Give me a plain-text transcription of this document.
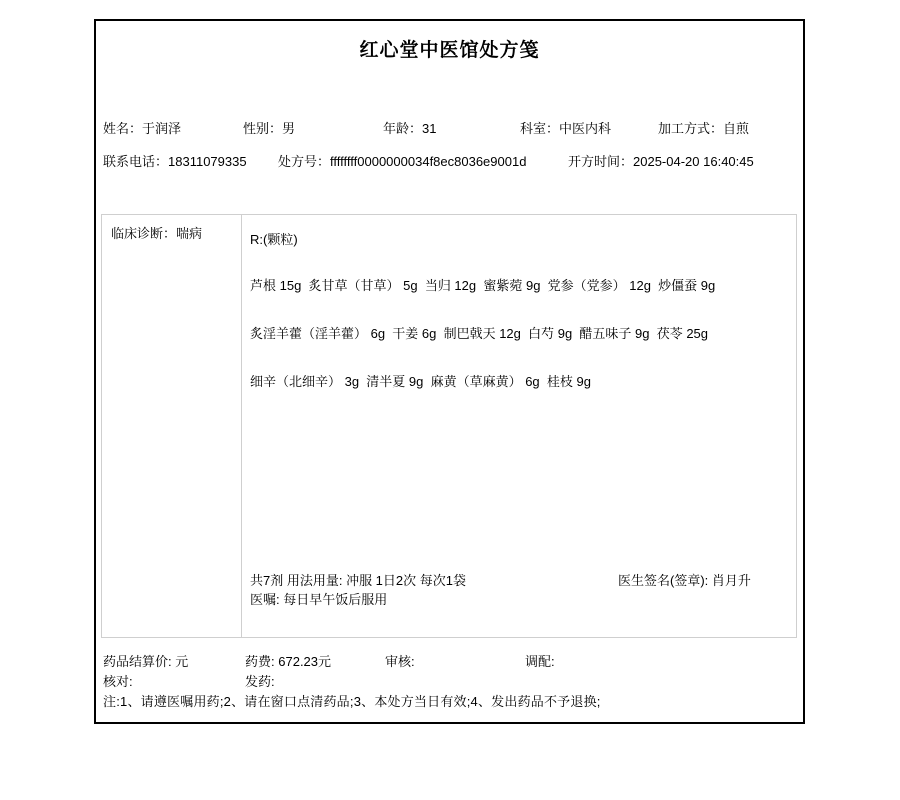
红心堂中医馆处方笺
姓名：于润泽	性别：男	年龄：31	科室：中医内科	加工方式：自煎
联系电话：18311079335 处方号：ffffffff0000000034f8ec8036e9001d	开方时间：2025-04-20 16:40:45
临床诊断：喘病	R:(颗粒)
芦根 15g  炙甘草（甘草） 5g  当归 12g  蜜紫菀 9g  党参（党参） 12g  炒僵蚕 9g
炙淫羊藿（淫羊藿） 6g  干姜 6g  制巴戟天 12g  白芍 9g  醋五味子 9g  茯苓 25g
细辛（北细辛） 3g  清半夏 9g  麻黄（草麻黄） 6g  桂枝 9g
共7剂 用法用量: 冲服 1日2次 每次1袋	医生签名(签章): 肖月升
医嘱: 每日早午饭后服用
药品结算价: 元	药费: 672.23元	审核:	调配:
核对:	发药:
注:1、请遵医嘱用药;2、请在窗口点清药品;3、本处方当日有效;4、发出药品不予退换;
